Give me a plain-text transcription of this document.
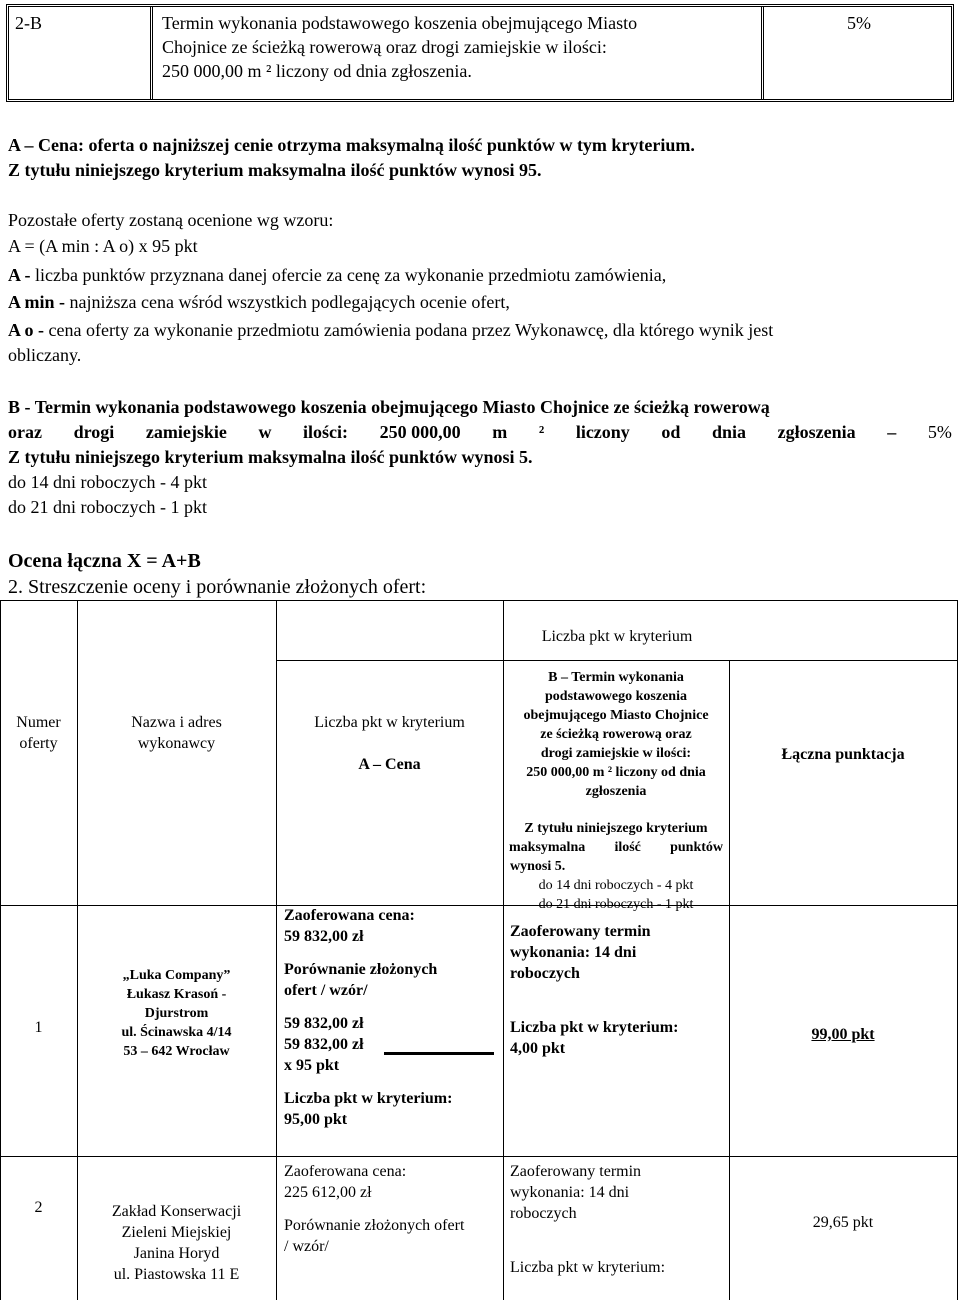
2-B	Termin wykonania podstawowego koszenia obejmującego Miasto
Chojnice ze ścieżką rowerową oraz drogi zamiejskie w ilości:
250 000,00 m ² liczony od dnia zgłoszenia.
5%
A – Cena: oferta o najniższej cenie otrzyma maksymalną ilość punktów w tym kryterium.
Z tytułu niniejszego kryterium maksymalna ilość punktów wynosi 95.
Pozostałe oferty zostaną ocenione wg wzoru:
A = (A min : A o) x 95 pkt
A - liczba punktów przyznana danej ofercie za cenę za wykonanie przedmiotu zamówienia,
A min - najniższa cena wśród wszystkich podlegających ocenie ofert,
A o - cena oferty za wykonanie przedmiotu zamówienia podana przez Wykonawcę, dla którego wynik jest
obliczany.
B - Termin wykonania podstawowego koszenia obejmującego Miasto Chojnice ze ścieżką rowerową
oraz drogi zamiejskie w ilości: 250 000,00 m ² liczony od dnia zgłoszenia – 5%
Z tytułu niniejszego kryterium maksymalna ilość punktów wynosi 5.
do 14 dni roboczych - 4 pkt
do 21 dni roboczych - 1 pkt
Ocena łączna X = A+B
2. Streszczenie oceny i porównanie złożonych ofert:
Liczba pkt w kryterium
Numer
oferty
Nazwa i adres
wykonawcy
Liczba pkt w kryterium
A – Cena
B – Termin wykonania
podstawowego koszenia
obejmującego Miasto Chojnice
ze ścieżką rowerową oraz
drogi zamiejskie w ilości:
250 000,00 m ² liczony od dnia
zgłoszenia
Z tytułu niniejszego kryterium
maksymalna ilość punktów
wynosi 5.
do 14 dni roboczych - 4 pkt
do 21 dni roboczych - 1 pkt
Łączna punktacja
1
„Luka Company”
Łukasz Krasoń -
Djurstrom
ul. Ścinawska 4/14
53 – 642 Wrocław
Zaoferowana cena:
59 832,00 zł
Porównanie złożonych
ofert / wzór/
59 832,00 zł
59 832,00 zł
x 95 pkt
Liczba pkt w kryterium:
95,00 pkt
Zaoferowany termin
wykonania: 14 dni
roboczych
Liczba pkt w kryterium:
4,00 pkt
99,00 pkt
2	Zakład Konserwacji
Zieleni Miejskiej
Janina Horyd
ul. Piastowska 11 E
Zaoferowana cena:
225 612,00 zł
Porównanie złożonych ofert
/ wzór/
Zaoferowany termin
wykonania: 14 dni
roboczych
Liczba pkt w kryterium:
29,65 pkt
